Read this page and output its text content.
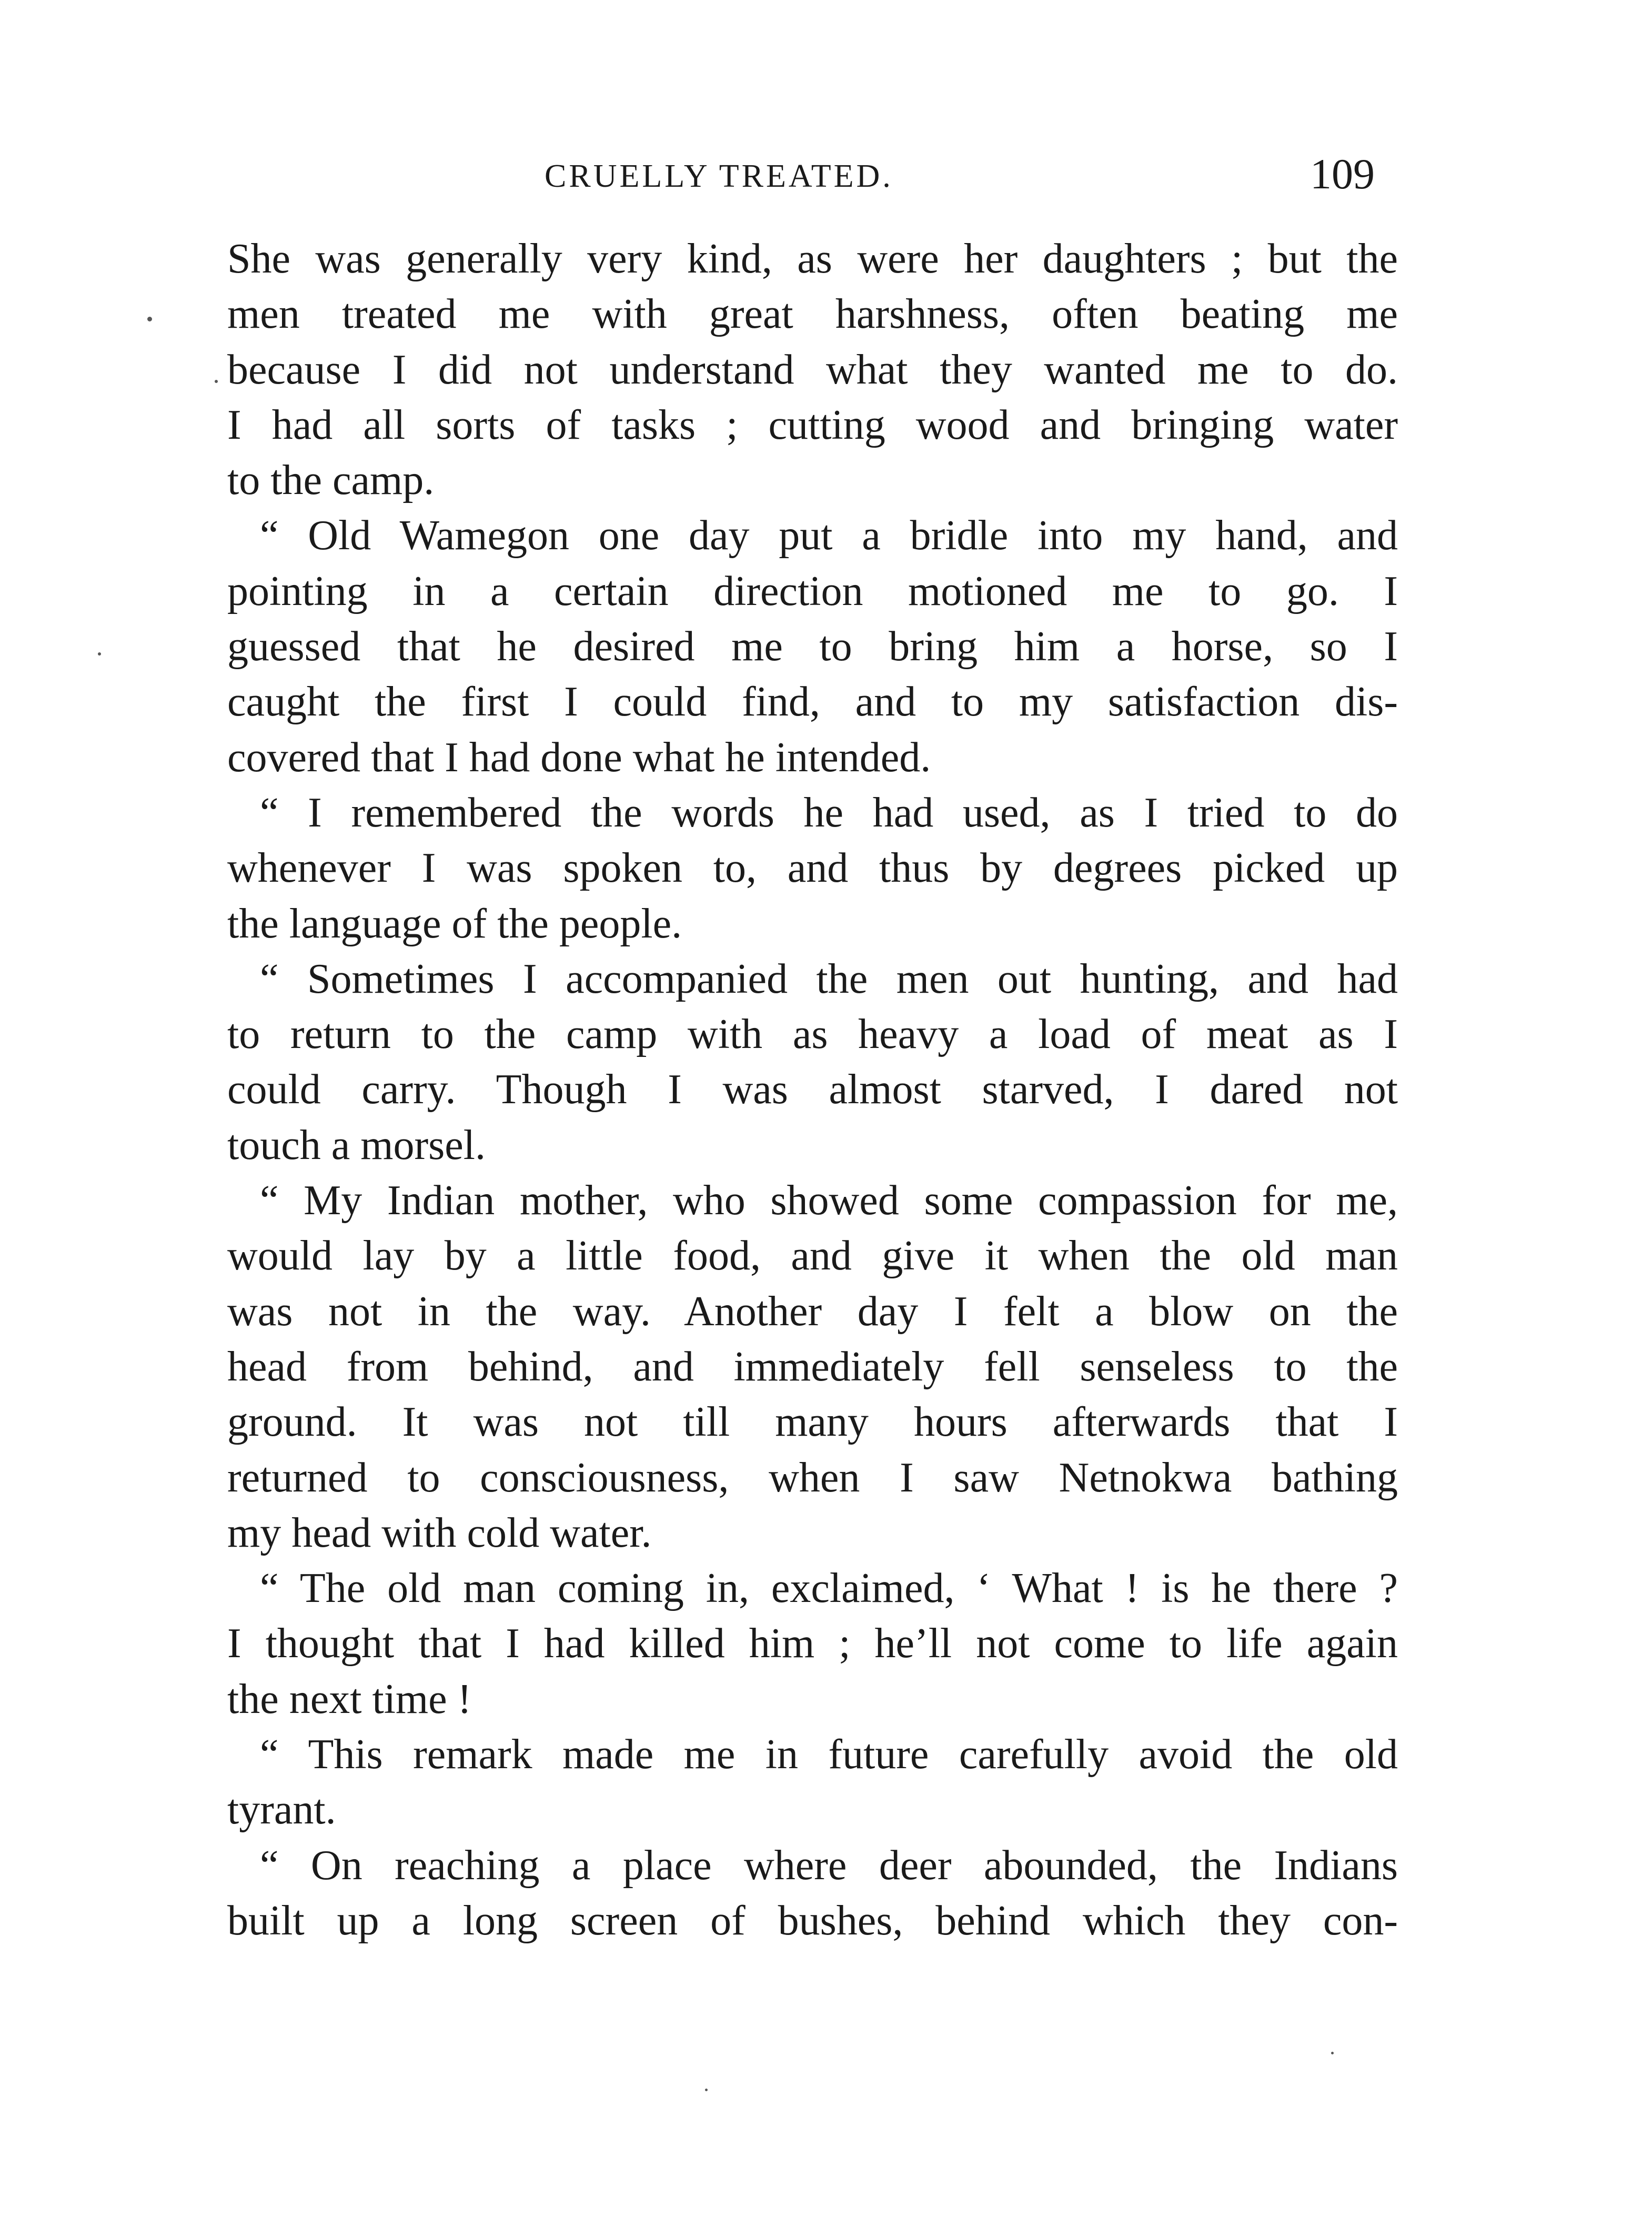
CRUELLY TREATED.	109
She was generally very kind, as were her daughters ; but the
men treated me with great harshness, often beating me
because I did not understand what they wanted me to do.
I had all sorts of tasks ; cutting wood and bringing water
to the camp.
“ Old Wamegon one day put a bridle into my hand, and
pointing in a certain direction motioned me to go. I
guessed that he desired me to bring him a horse, so I
caught the first I could find, and to my satisfaction dis-
covered that I had done what he intended.
“ I remembered the words he had used, as I tried to do
whenever I was spoken to, and thus by degrees picked up
the language of the people.
“ Sometimes I accompanied the men out hunting, and had
to return to the camp with as heavy a load of meat as I
could carry. Though I was almost starved, I dared not
touch a morsel.
“ My Indian mother, who showed some compassion for me,
would lay by a little food, and give it when the old man
was not in the way. Another day I felt a blow on the
head from behind, and immediately fell senseless to the
ground. It was not till many hours afterwards that I
returned to consciousness, when I saw Netnokwa bathing
my head with cold water.
“ The old man coming in, exclaimed, ‘ What ! is he there ?
I thought that I had killed him ; he’ll not come to life again
the next time !
“ This remark made me in future carefully avoid the old
tyrant.
“ On reaching a place where deer abounded, the Indians
built up a long screen of bushes, behind which they con-
